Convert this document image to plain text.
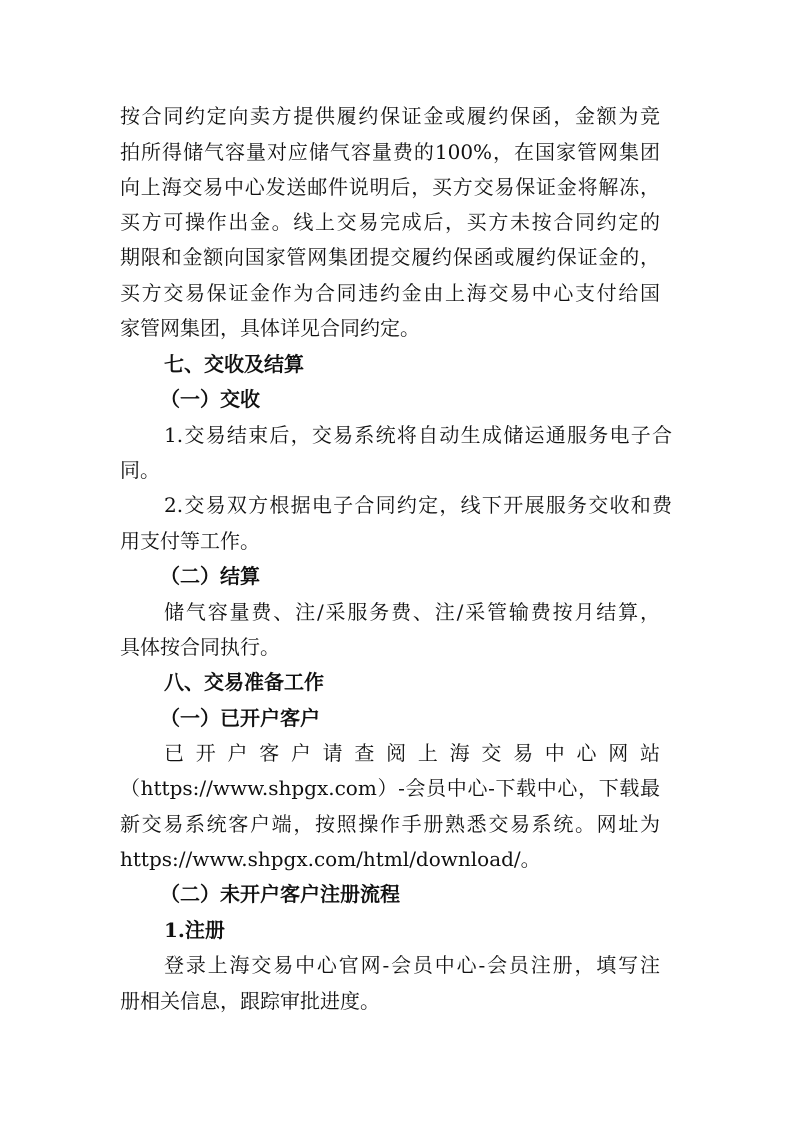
按合同约定向卖方提供履约保证金或履约保函，金额为竞
拍所得储气容量对应储气容量费的100%，在国家管网集团
向上海交易中心发送邮件说明后，买方交易保证金将解冻，
买方可操作出金。线上交易完成后，买方未按合同约定的
期限和金额向国家管网集团提交履约保函或履约保证金的，
买方交易保证金作为合同违约金由上海交易中心支付给国
家管网集团，具体详见合同约定。
七、交收及结算
（一）交收
1.交易结束后，交易系统将自动生成储运通服务电子合
同。
2.交易双方根据电子合同约定，线下开展服务交收和费
用支付等工作。
（二）结算
储气容量费、注/采服务费、注/采管输费按月结算，
具体按合同执行。
八、交易准备工作
（一）已开户客户
已开户客户请查阅上海交易中心网站
（https://www.shpgx.com）-会员中心-下载中心，下载最
新交易系统客户端，按照操作手册熟悉交易系统。网址为
https://www.shpgx.com/html/download/。
（二）未开户客户注册流程
1.注册
登录上海交易中心官网-会员中心-会员注册，填写注
册相关信息，跟踪审批进度。
